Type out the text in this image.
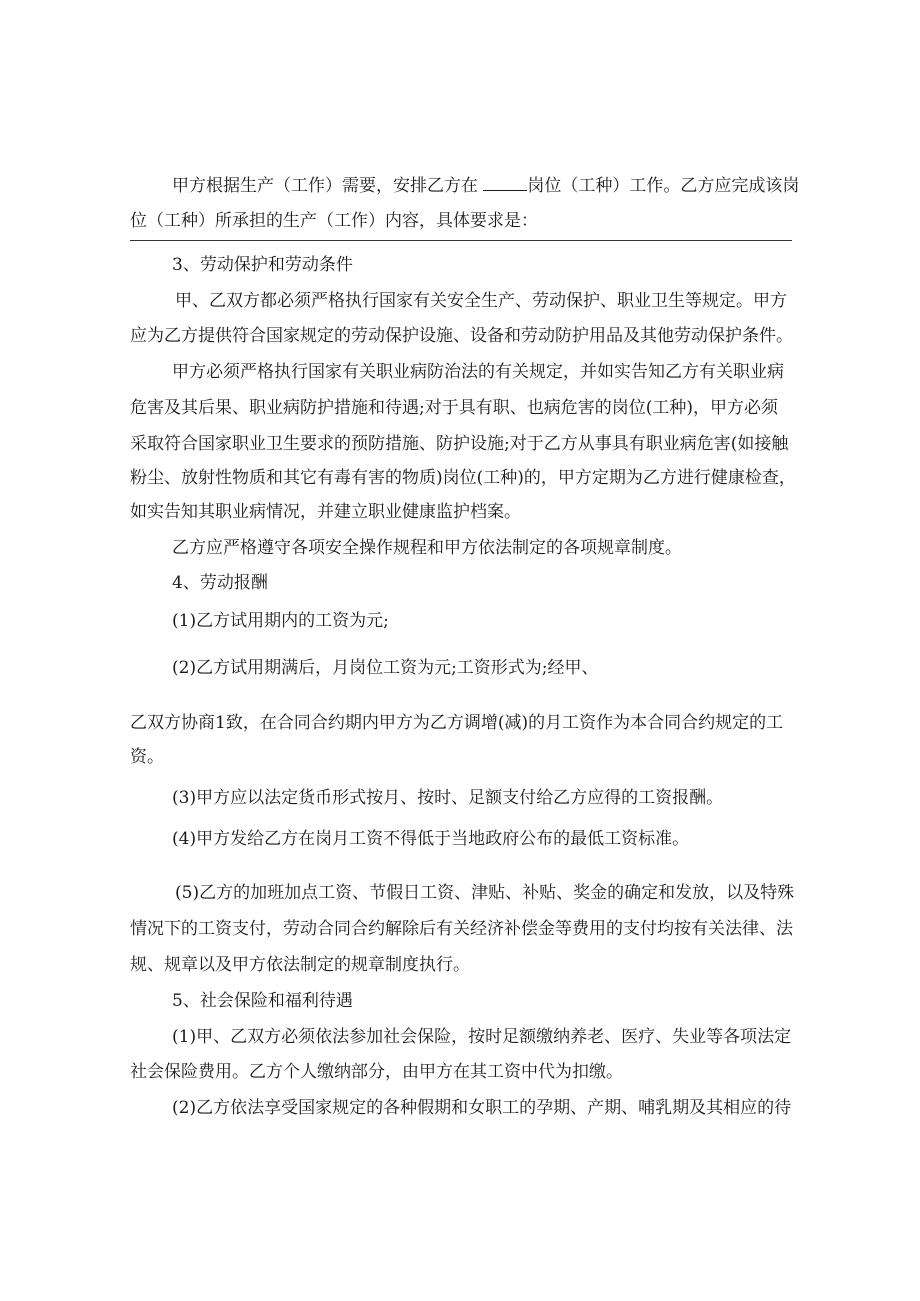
甲方根据生产（工作）需要，安排乙方在	岗位（工种）工作。乙方应完成该岗
位（工种）所承担的生产（工作）内容，具体要求是：
3、劳动保护和劳动条件
甲、乙双方都必须严格执行国家有关安全生产、劳动保护、职业卫生等规定。甲方
应为乙方提供符合国家规定的劳动保护设施、设备和劳动防护用品及其他劳动保护条件。
甲方必须严格执行国家有关职业病防治法的有关规定，并如实告知乙方有关职业病
危害及其后果、职业病防护措施和待遇;对于具有职、也病危害的岗位(工种)，甲方必须
采取符合国家职业卫生要求的预防措施、防护设施;对于乙方从事具有职业病危害(如接触
粉尘、放射性物质和其它有毒有害的物质)岗位(工种)的，甲方定期为乙方进行健康检查，
如实告知其职业病情况，并建立职业健康监护档案。
乙方应严格遵守各项安全操作规程和甲方依法制定的各项规章制度。
4、劳动报酬
(1)乙方试用期内的工资为元;
(2)乙方试用期满后，月岗位工资为元;工资形式为;经甲、
乙双方协商1致，在合同合约期内甲方为乙方调增(减)的月工资作为本合同合约规定的工
资。
(3)甲方应以法定货币形式按月、按时、足额支付给乙方应得的工资报酬。
(4)甲方发给乙方在岗月工资不得低于当地政府公布的最低工资标准。
(5)乙方的加班加点工资、节假日工资、津贴、补贴、奖金的确定和发放，以及特殊
情况下的工资支付，劳动合同合约解除后有关经济补偿金等费用的支付均按有关法律、法
规、规章以及甲方依法制定的规章制度执行。
5、社会保险和福利待遇
(1)甲、乙双方必须依法参加社会保险，按时足额缴纳养老、医疗、失业等各项法定
社会保险费用。乙方个人缴纳部分，由甲方在其工资中代为扣缴。
(2)乙方依法享受国家规定的各种假期和女职工的孕期、产期、哺乳期及其相应的待
